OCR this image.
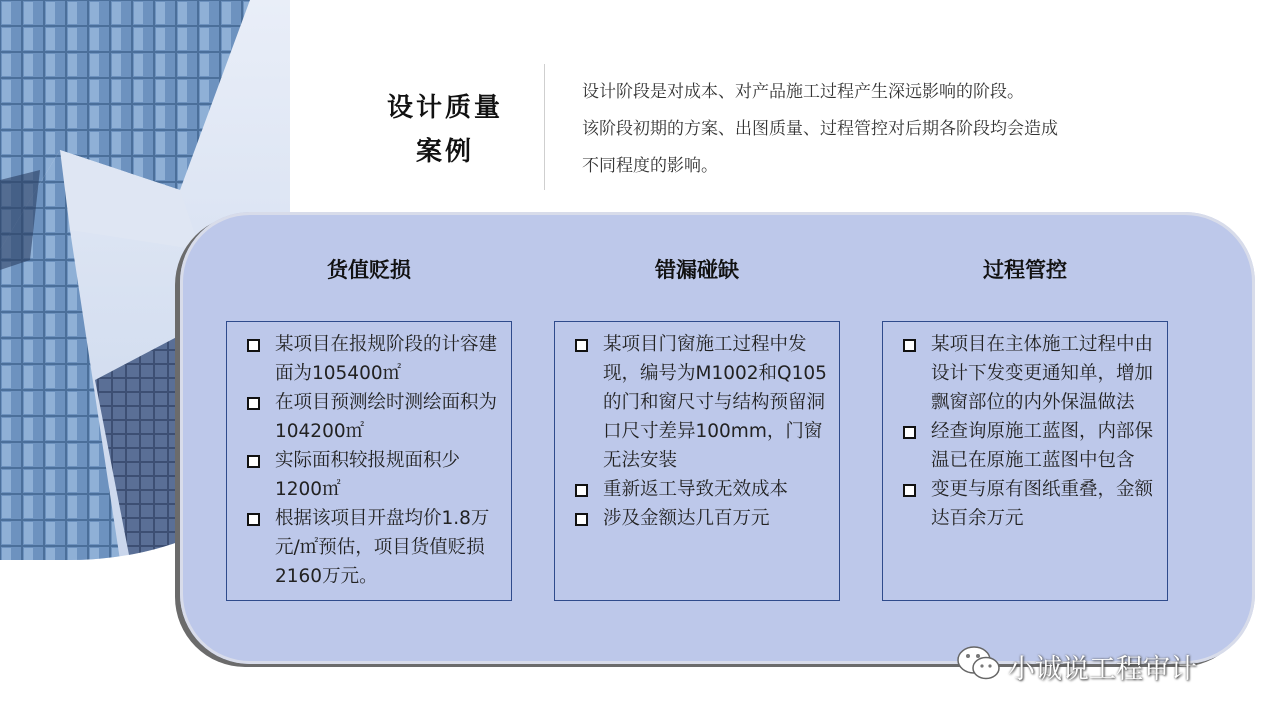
设计质量
案例
设计阶段是对成本、对产品施工过程产生深远影响的阶段。
该阶段初期的方案、出图质量、过程管控对后期各阶段均会造成
不同程度的影响。
货值贬损
某项目在报规阶段的计容建面为105400㎡
在项目预测绘时测绘面积为104200㎡
实际面积较报规面积少1200㎡
根据该项目开盘均价1.8万元/㎡预估，项目货值贬损2160万元。
错漏碰缺
某项目门窗施工过程中发现，编号为M1002和Q105的门和窗尺寸与结构预留洞口尺寸差异100mm，门窗无法安装
重新返工导致无效成本
涉及金额达几百万元
过程管控
某项目在主体施工过程中由设计下发变更通知单，增加飘窗部位的内外保温做法
经查询原施工蓝图，内部保温已在原施工蓝图中包含
变更与原有图纸重叠，金额达百余万元
小诚说工程审计
